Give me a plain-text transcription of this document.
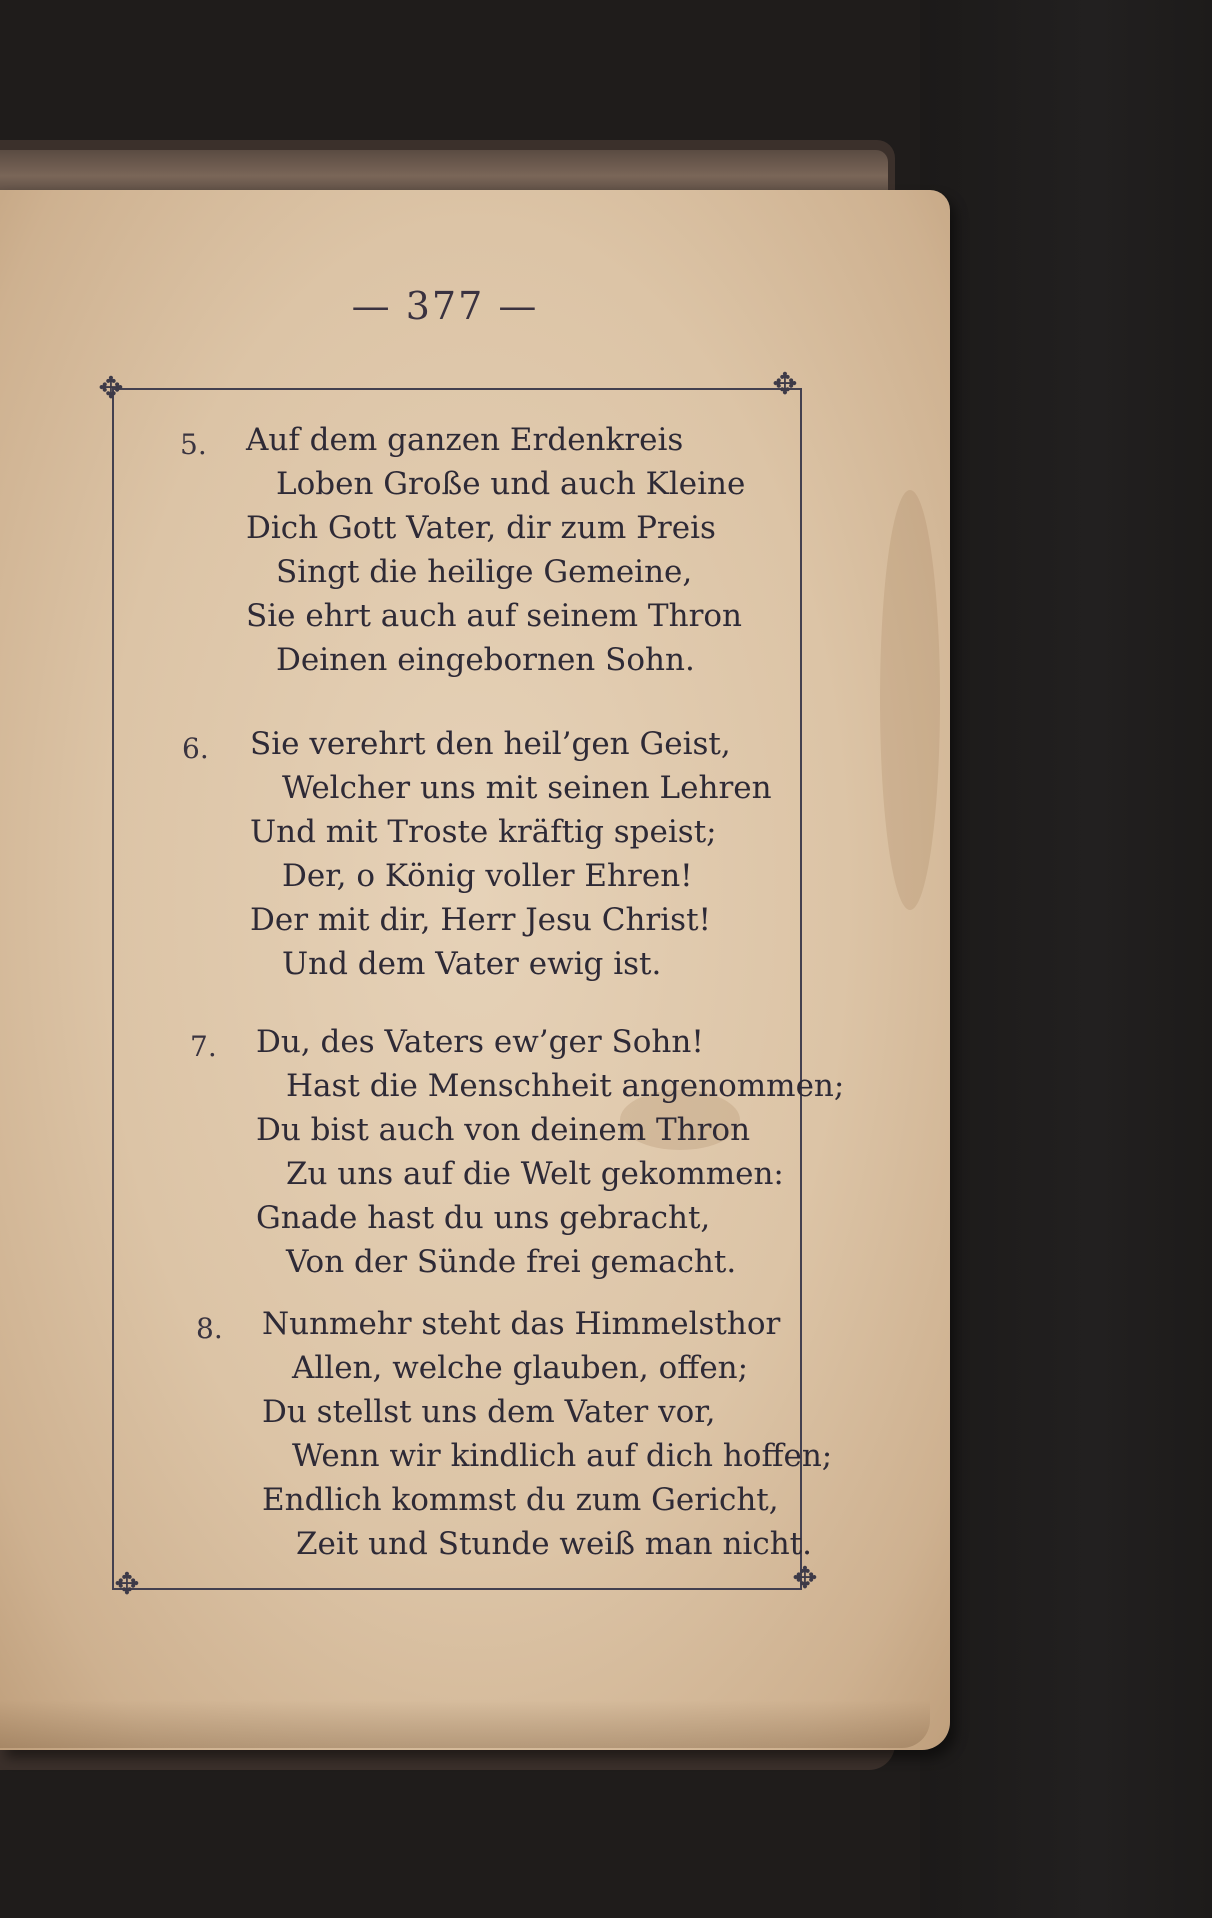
— 377 —
✥	✥
✥	✥
5. Auf dem ganzen Erdenkreis
Loben Große und auch Kleine
Dich Gott Vater, dir zum Preis
Singt die heilige Gemeine,
Sie ehrt auch auf seinem Thron
Deinen eingebornen Sohn.
6. Sie verehrt den heil’gen Geist,
Welcher uns mit seinen Lehren
Und mit Troste kräftig speist;
Der, o König voller Ehren!
Der mit dir, Herr Jesu Christ!
Und dem Vater ewig ist.
7. Du, des Vaters ew’ger Sohn!
Hast die Menschheit angenommen;
Du bist auch von deinem Thron
Zu uns auf die Welt gekommen:
Gnade hast du uns gebracht,
Von der Sünde frei gemacht.
8. Nunmehr steht das Himmelsthor
Allen, welche glauben, offen;
Du stellst uns dem Vater vor,
Wenn wir kindlich auf dich hoffen;
Endlich kommst du zum Gericht,
Zeit und Stunde weiß man nicht.
